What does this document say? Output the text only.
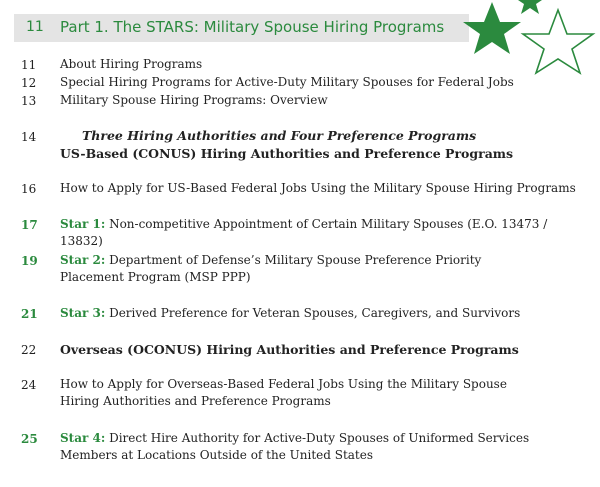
11 Part 1. The STARS: Military Spouse Hiring Programs
11 About Hiring Programs
12 Special Hiring Programs for Active-Duty Military Spouses for Federal Jobs
13 Military Spouse Hiring Programs: Overview
14	Three Hiring Authorities and Four Preference Programs
US-Based (CONUS) Hiring Authorities and Preference Programs
16 How to Apply for US-Based Federal Jobs Using the Military Spouse Hiring Programs
17 Star 1: Non-competitive Appointment of Certain Military Spouses (E.O. 13473 / 13832)
19 Star 2: Department of Defense’s Military Spouse Preference Priority Placement Program (MSP PPP)
21 Star 3: Derived Preference for Veteran Spouses, Caregivers, and Survivors
22 Overseas (OCONUS) Hiring Authorities and Preference Programs
24 How to Apply for Overseas-Based Federal Jobs Using the Military Spouse Hiring Authorities and Preference Programs
25 Star 4: Direct Hire Authority for Active-Duty Spouses of Uniformed Services Members at Locations Outside of the United States
